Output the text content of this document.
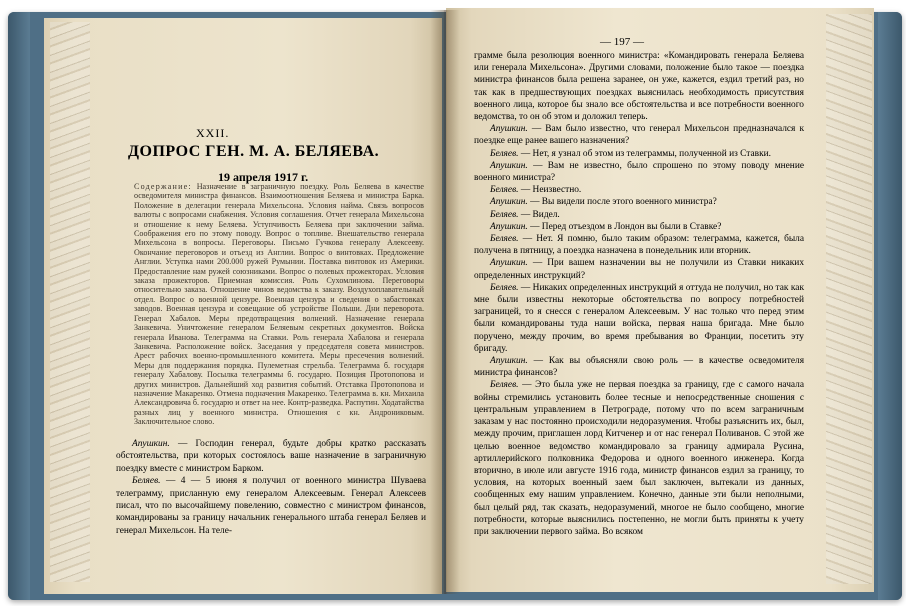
XXII.
ДОПРОС ГЕН. М. А. БЕЛЯЕВА.
19 апреля 1917 г.
Содержание: Назначение в заграничную поездку. Роль Беляева в качестве осведомителя министра финансов. Взаимоотношения Беляева и министра Барка. Положение в делегации генерала Михельсона. Условия найма. Связь вопросов валюты с вопросами снабжения. Условия соглашения. Отчет генерала Михельсона и отношение к нему Беляева. Уступчивость Беляева при заключении займа. Соображения его по этому поводу. Вопрос о топливе. Внешательство генерала Михельсона в вопросы. Переговоры. Письмо Гучкова генералу Алексееву. Окончание переговоров и отъезд из Англии. Вопрос о винтовках. Предложение Англии. Уступка нами 200.000 ружей Румынии. Поставка винтовок из Америки. Предоставление нам ружей союзниками. Вопрос о полевых прожекторах. Условия заказа прожекторов. Приемная комиссия. Роль Сухомлинова. Переговоры относительно заказа. Отношение чинов ведомства к заказу. Воздухоплавательный отдел. Вопрос о военной цензуре. Военная цензура и сведения о забастовках заводов. Военная цензура и совещание об устройстве Польши. Дни переворота. Генерал Хабалов. Меры предотвращения волнений. Назначение генерала Занкевича. Уничтожение генералом Беляевым секретных документов. Войска генерала Иванова. Телеграмма на Ставки. Роль генерала Хабалова и генерала Занкевича. Расположение войск. Заседания у председателя совета министров. Арест рабочих военно-промышленного комитета. Меры пресечения волнений. Меры для поддержания порядка. Пулеметная стрельба. Телеграмма б. государя генералу Хабалову. Посылка телеграммы б. государю. Позиция Протопопова и других министров. Дальнейший ход развития событий. Отставка Протопопова и назначение Макаренко. Отмена подначения Макаренко. Телеграмма в. кн. Михаила Александровича б. государю и ответ на нее. Контр-разведка. Распутин. Ходатайства разных лиц у военного министра. Отношения с кн. Андрониковым. Заключительное слово.

Апушкин. — Господин генерал, будьте добры кратко рассказать обстоятельства, при которых состоялось ваше назначение в заграничную поездку вместе с министром Барком.

Беляев. — 4 — 5 июня я получил от военного министра Шуваева телеграмму, присланную ему генералом Алексеевым. Генерал Алексеев писал, что по высочайшему повелению, совместно с министром финансов, командированы за границу начальник генерального штаба генерал Беляев и генерал Михельсон. На теле-

— 197 —

грамме была резолюция военного министра: «Командировать генерала Беляева или генерала Михельсона». Другими словами, положение было такое — поездка министра финансов была решена заранее, он уже, кажется, ездил третий раз, но так как в предшествующих поездках выяснилась необходимость присутствия военного лица, которое бы знало все обстоятельства и все потребности военного ведомства, то он об этом и доложил теперь.

Апушкин. — Вам было известно, что генерал Михельсон предназначался к поездке еще ранее вашего назначения?

Беляев. — Нет, я узнал об этом из телеграммы, полученной из Ставки.

Апушкин. — Вам не известно, было спрошено по этому поводу мнение военного министра?

Беляев. — Неизвестно.

Апушкин. — Вы видели после этого военного министра?

Беляев. — Видел.

Апушкин. — Перед отъездом в Лондон вы были в Ставке?

Беляев. — Нет. Я помню, было таким образом: телеграмма, кажется, была получена в пятницу, а поездка назначена в понедельник или вторник.

Апушкин. — При вашем назначении вы не получили из Ставки никаких определенных инструкций?

Беляев. — Никаких определенных инструкций я оттуда не получил, но так как мне были известны некоторые обстоятельства по вопросу потребностей заграницей, то я снесся с генералом Алексеевым. У нас только что перед этим были командированы туда наши войска, первая наша бригада. Мне было поручено, между прочим, во время пребывания во Франции, посетить эту бригаду.

Апушкин. — Как вы объясняли свою роль — в качестве осведомителя министра финансов?

Беляев. — Это была уже не первая поездка за границу, где с самого начала войны стремились установить более тесные и непосредственные сношения с центральным управлением в Петрограде, потому что по всем заграничным заказам у нас постоянно происходили недоразумения. Чтобы разъяснить их, был, между прочим, приглашен лорд Китченер и от нас генерал Поливанов. С этой же целью военное ведомство командировало за границу адмирала Русина, артиллерийского полковника Федорова и одного военного инженера. Когда вторично, в июле или августе 1916 года, министр финансов ездил за границу, то условия, на которых военный заем был заключен, вытекали из данных, сообщенных ему нашим управлением. Конечно, данные эти были неполными, был целый ряд, так сказать, недоразумений, многое не было сообщено, многие потребности, которые выяснились постепенно, не могли быть приняты к учету при заключении первого займа. Во всяком
